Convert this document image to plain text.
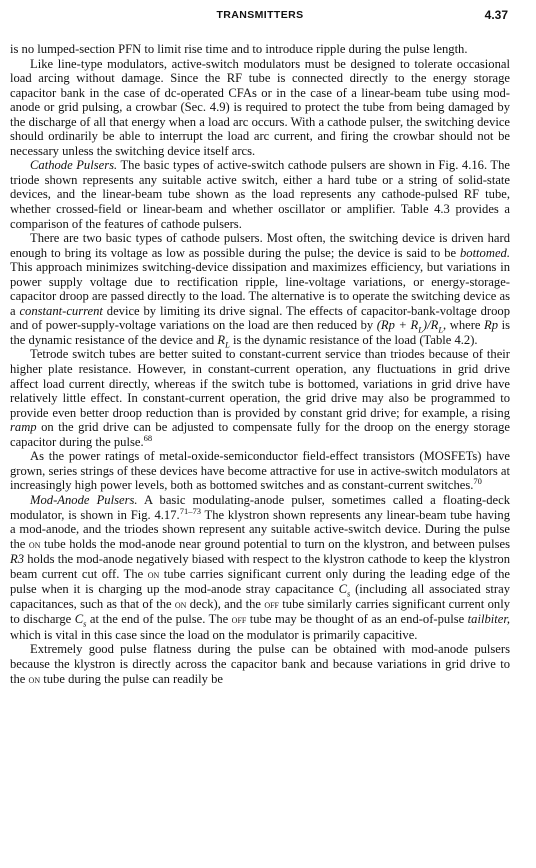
TRANSMITTERS	4.37

is no lumped-section PFN to limit rise time and to introduce ripple during the pulse length.

Like line-type modulators, active-switch modulators must be designed to tolerate occasional load arcing without damage. Since the RF tube is connected directly to the energy storage capacitor bank in the case of dc-operated CFAs or in the case of a linear-beam tube using mod-anode or grid pulsing, a crowbar (Sec. 4.9) is required to protect the tube from being damaged by the discharge of all that energy when a load arc occurs. With a cathode pulser, the switching device should ordinarily be able to interrupt the load arc current, and firing the crowbar should not be necessary unless the switching device itself arcs.

Cathode Pulsers. The basic types of active-switch cathode pulsers are shown in Fig. 4.16. The triode shown represents any suitable active switch, either a hard tube or a string of solid-state devices, and the linear-beam tube shown as the load represents any cathode-pulsed RF tube, whether crossed-field or linear-beam and whether oscillator or amplifier. Table 4.3 provides a comparison of the features of cathode pulsers.

There are two basic types of cathode pulsers. Most often, the switching device is driven hard enough to bring its voltage as low as possible during the pulse; the device is said to be bottomed. This approach minimizes switching-device dissipation and maximizes efficiency, but variations in power supply voltage due to rectification ripple, line-voltage variations, or energy-storage-capacitor droop are passed directly to the load. The alternative is to operate the switching device as a constant-current device by limiting its drive signal. The effects of capacitor-bank-voltage droop and of power-supply-voltage variations on the load are then reduced by $(Rp + R_L)/R_L$, where Rp is the dynamic resistance of the device and $R_L$ is the dynamic resistance of the load (Table 4.2).

Tetrode switch tubes are better suited to constant-current service than triodes because of their higher plate resistance. However, in constant-current operation, any fluctuations in grid drive affect load current directly, whereas if the switch tube is bottomed, variations in grid drive have relatively little effect. In constant-current operation, the grid drive may also be programmed to provide even better droop reduction than is provided by constant grid drive; for example, a rising ramp on the grid drive can be adjusted to compensate fully for the droop on the energy storage capacitor during the pulse.$^{68}$

As the power ratings of metal-oxide-semiconductor field-effect transistors (MOSFETs) have grown, series strings of these devices have become attractive for use in active-switch modulators at increasingly high power levels, both as bottomed switches and as constant-current switches.$^{70}$

Mod-Anode Pulsers. A basic modulating-anode pulser, sometimes called a floating-deck modulator, is shown in Fig. 4.17.$^{71-73}$ The klystron shown represents any linear-beam tube having a mod-anode, and the triodes shown represent any suitable active-switch device. During the pulse the on tube holds the mod-anode near ground potential to turn on the klystron, and between pulses R3 holds the mod-anode negatively biased with respect to the klystron cathode to keep the klystron beam current cut off. The on tube carries significant current only during the leading edge of the pulse when it is charging up the mod-anode stray capacitance $C_s$ (including all associated stray capacitances, such as that of the on deck), and the off tube similarly carries significant current only to discharge $C_s$ at the end of the pulse. The off tube may be thought of as an end-of-pulse tailbiter, which is vital in this case since the load on the modulator is primarily capacitive.

Extremely good pulse flatness during the pulse can be obtained with mod-anode pulsers because the klystron is directly across the capacitor bank and because variations in grid drive to the on tube during the pulse can readily be
